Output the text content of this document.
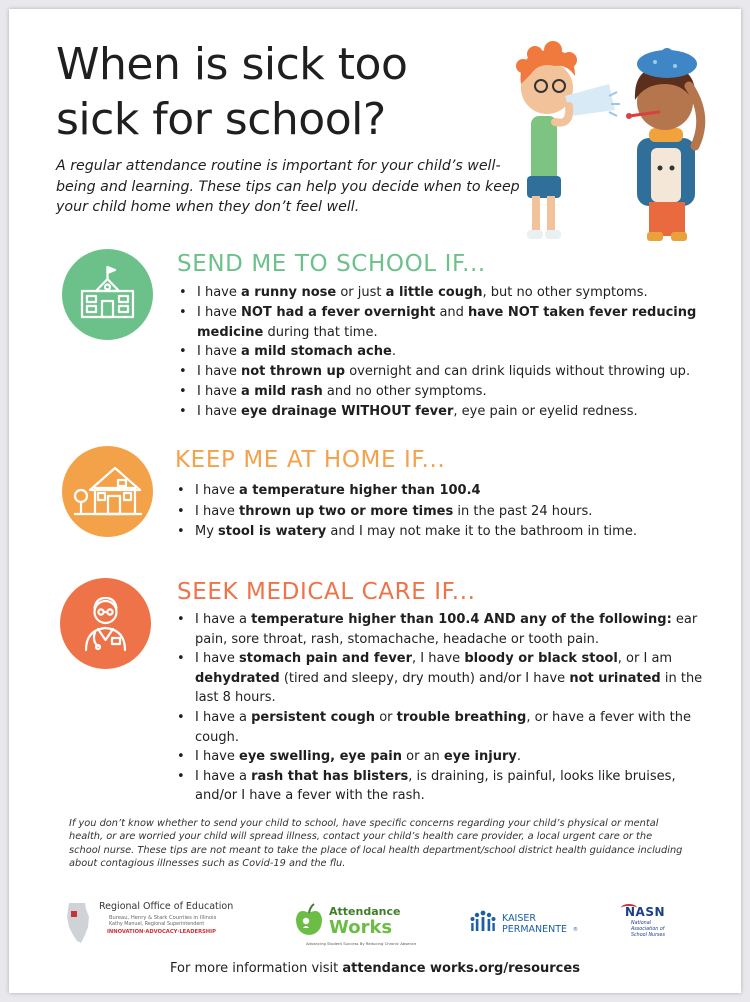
When is sick too
sick for school?

A regular attendance routine is important for your child’s well-being and learning. These tips can help you decide when to keep your child home when they don’t feel well.

SEND ME TO SCHOOL IF...
• I have a runny nose or just a little cough, but no other symptoms.
• I have NOT had a fever overnight and have NOT taken fever reducing medicine during that time.
• I have a mild stomach ache.
• I have not thrown up overnight and can drink liquids without throwing up.
• I have a mild rash and no other symptoms.
• I have eye drainage WITHOUT fever, eye pain or eyelid redness.
KEEP ME AT HOME IF...
• I have a temperature higher than 100.4
• I have thrown up two or more times in the past 24 hours.
• My stool is watery and I may not make it to the bathroom in time.
SEEK MEDICAL CARE IF...
• I have a temperature higher than 100.4 AND any of the following: ear pain, sore throat, rash, stomachache, headache or tooth pain.
• I have stomach pain and fever, I have bloody or black stool, or I am dehydrated (tired and sleepy, dry mouth) and/or I have not urinated in the last 8 hours.
• I have a persistent cough or trouble breathing, or have a fever with the cough.
• I have eye swelling, eye pain or an eye injury.
• I have a rash that has blisters, is draining, is painful, looks like bruises, and/or I have a fever with the rash.

If you don’t know whether to send your child to school, have specific concerns regarding your child’s physical or mental health, or are worried your child will spread illness, contact your child’s health care provider, a local urgent care or the school nurse. These tips are not meant to take the place of local health department/school district health guidance including about contagious illnesses such as Covid-19 and the flu.

Regional Office of Education
Bureau, Henry & Stark Counties in Illinois
Kathy Manuel, Regional Superintendent
INNOVATION·ADVOCACY·LEADERSHIP
Attendance
Works
Advancing Student Success By Reducing Chronic Absence
KAISER
PERMANENTE ®
NASN
National
Association of
School Nurses

For more information visit attendance works.org/resources
